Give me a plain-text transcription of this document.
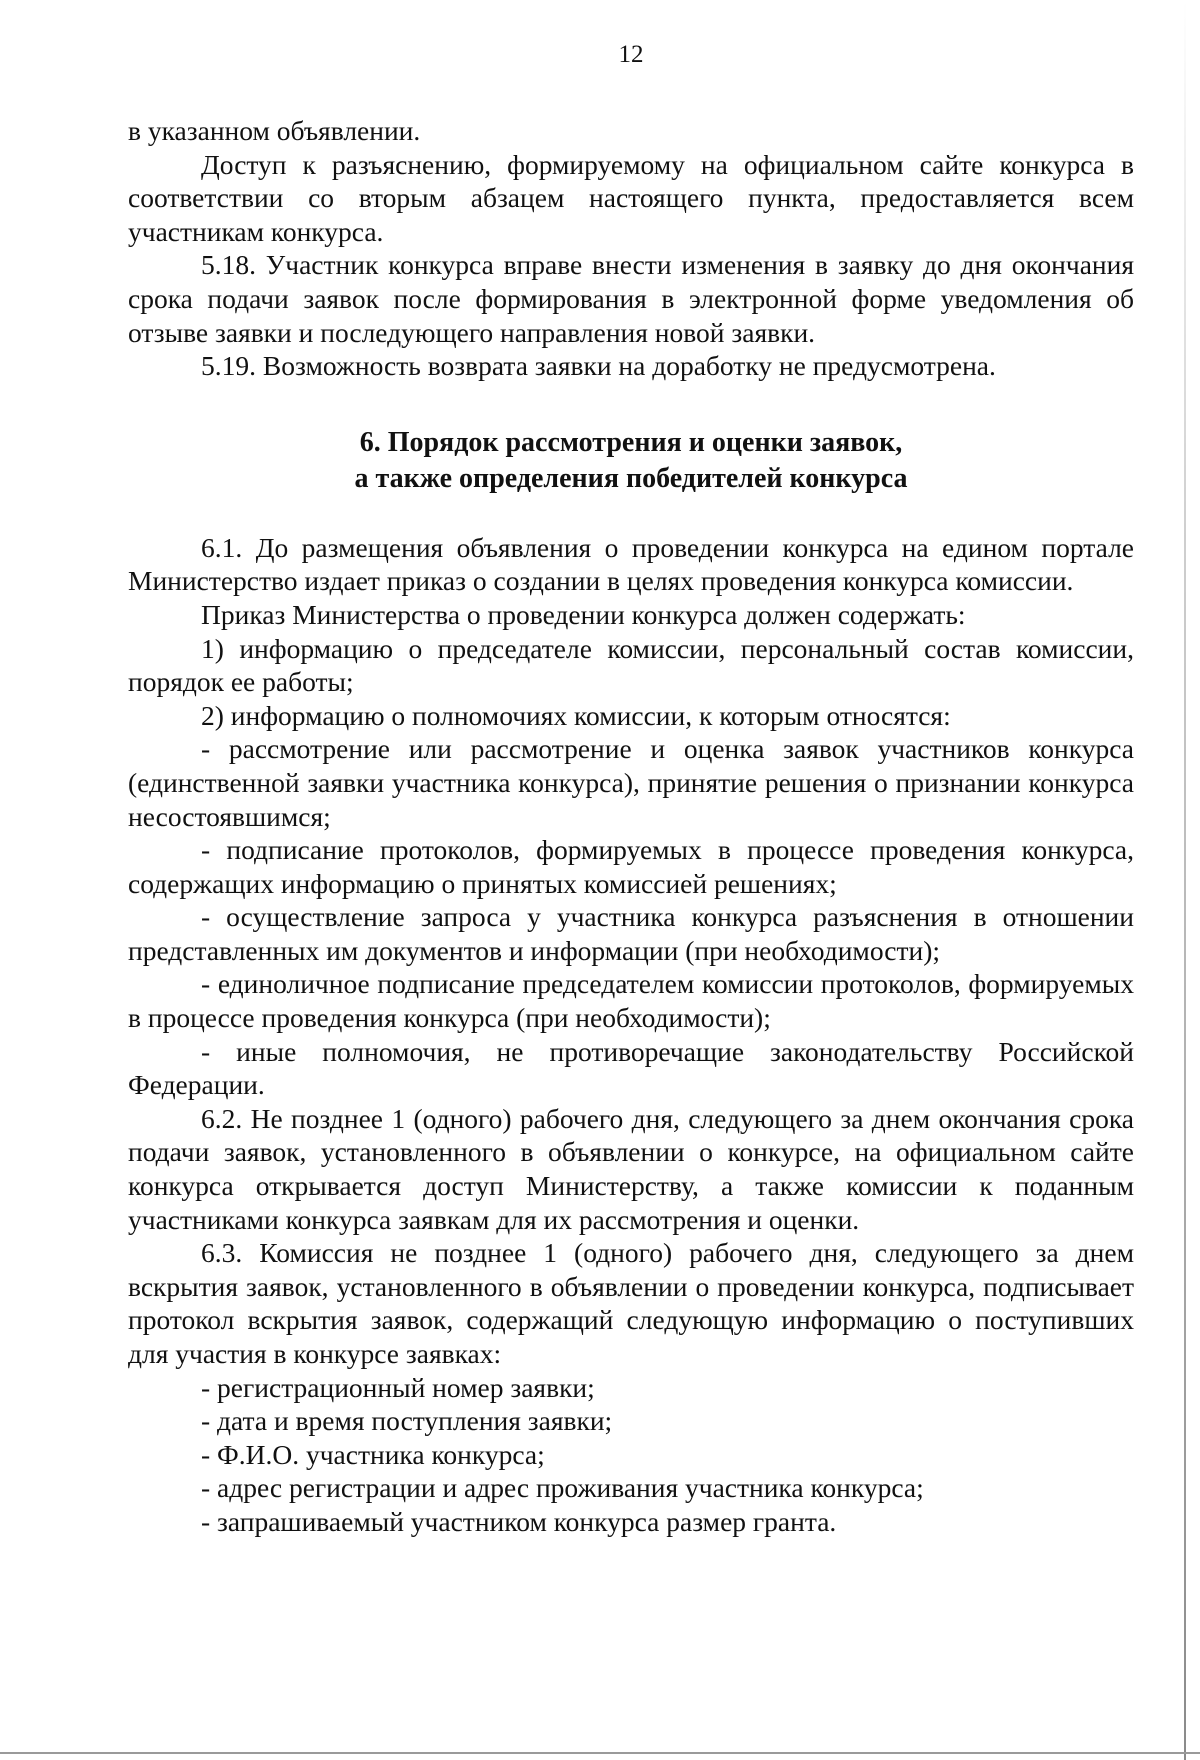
12

в указанном объявлении.

Доступ к разъяснению, формируемому на официальном сайте конкурса в соответствии со вторым абзацем настоящего пункта, предоставляется всем участникам конкурса.

5.18. Участник конкурса вправе внести изменения в заявку до дня окончания срока подачи заявок после формирования в электронной форме уведомления об отзыве заявки и последующего направления новой заявки.

5.19. Возможность возврата заявки на доработку не предусмотрена.

6. Порядок рассмотрения и оценки заявок,
а также определения победителей конкурса

6.1. До размещения объявления о проведении конкурса на едином портале Министерство издает приказ о создании в целях проведения конкурса комиссии.

Приказ Министерства о проведении конкурса должен содержать:

1) информацию о председателе комиссии, персональный состав комиссии, порядок ее работы;

2) информацию о полномочиях комиссии, к которым относятся:

- рассмотрение или рассмотрение и оценка заявок участников конкурса (единственной заявки участника конкурса), принятие решения о признании конкурса несостоявшимся;

- подписание протоколов, формируемых в процессе проведения конкурса, содержащих информацию о принятых комиссией решениях;

- осуществление запроса у участника конкурса разъяснения в отношении представленных им документов и информации (при необходимости);

- единоличное подписание председателем комиссии протоколов, формируемых в процессе проведения конкурса (при необходимости);

- иные полномочия, не противоречащие законодательству Российской Федерации.

6.2. Не позднее 1 (одного) рабочего дня, следующего за днем окончания срока подачи заявок, установленного в объявлении о конкурсе, на официальном сайте конкурса открывается доступ Министерству, а также комиссии к поданным участниками конкурса заявкам для их рассмотрения и оценки.

6.3. Комиссия не позднее 1 (одного) рабочего дня, следующего за днем вскрытия заявок, установленного в объявлении о проведении конкурса, подписывает протокол вскрытия заявок, содержащий следующую информацию о поступивших для участия в конкурсе заявках:

- регистрационный номер заявки;

- дата и время поступления заявки;

- Ф.И.О. участника конкурса;

- адрес регистрации и адрес проживания участника конкурса;

- запрашиваемый участником конкурса размер гранта.
